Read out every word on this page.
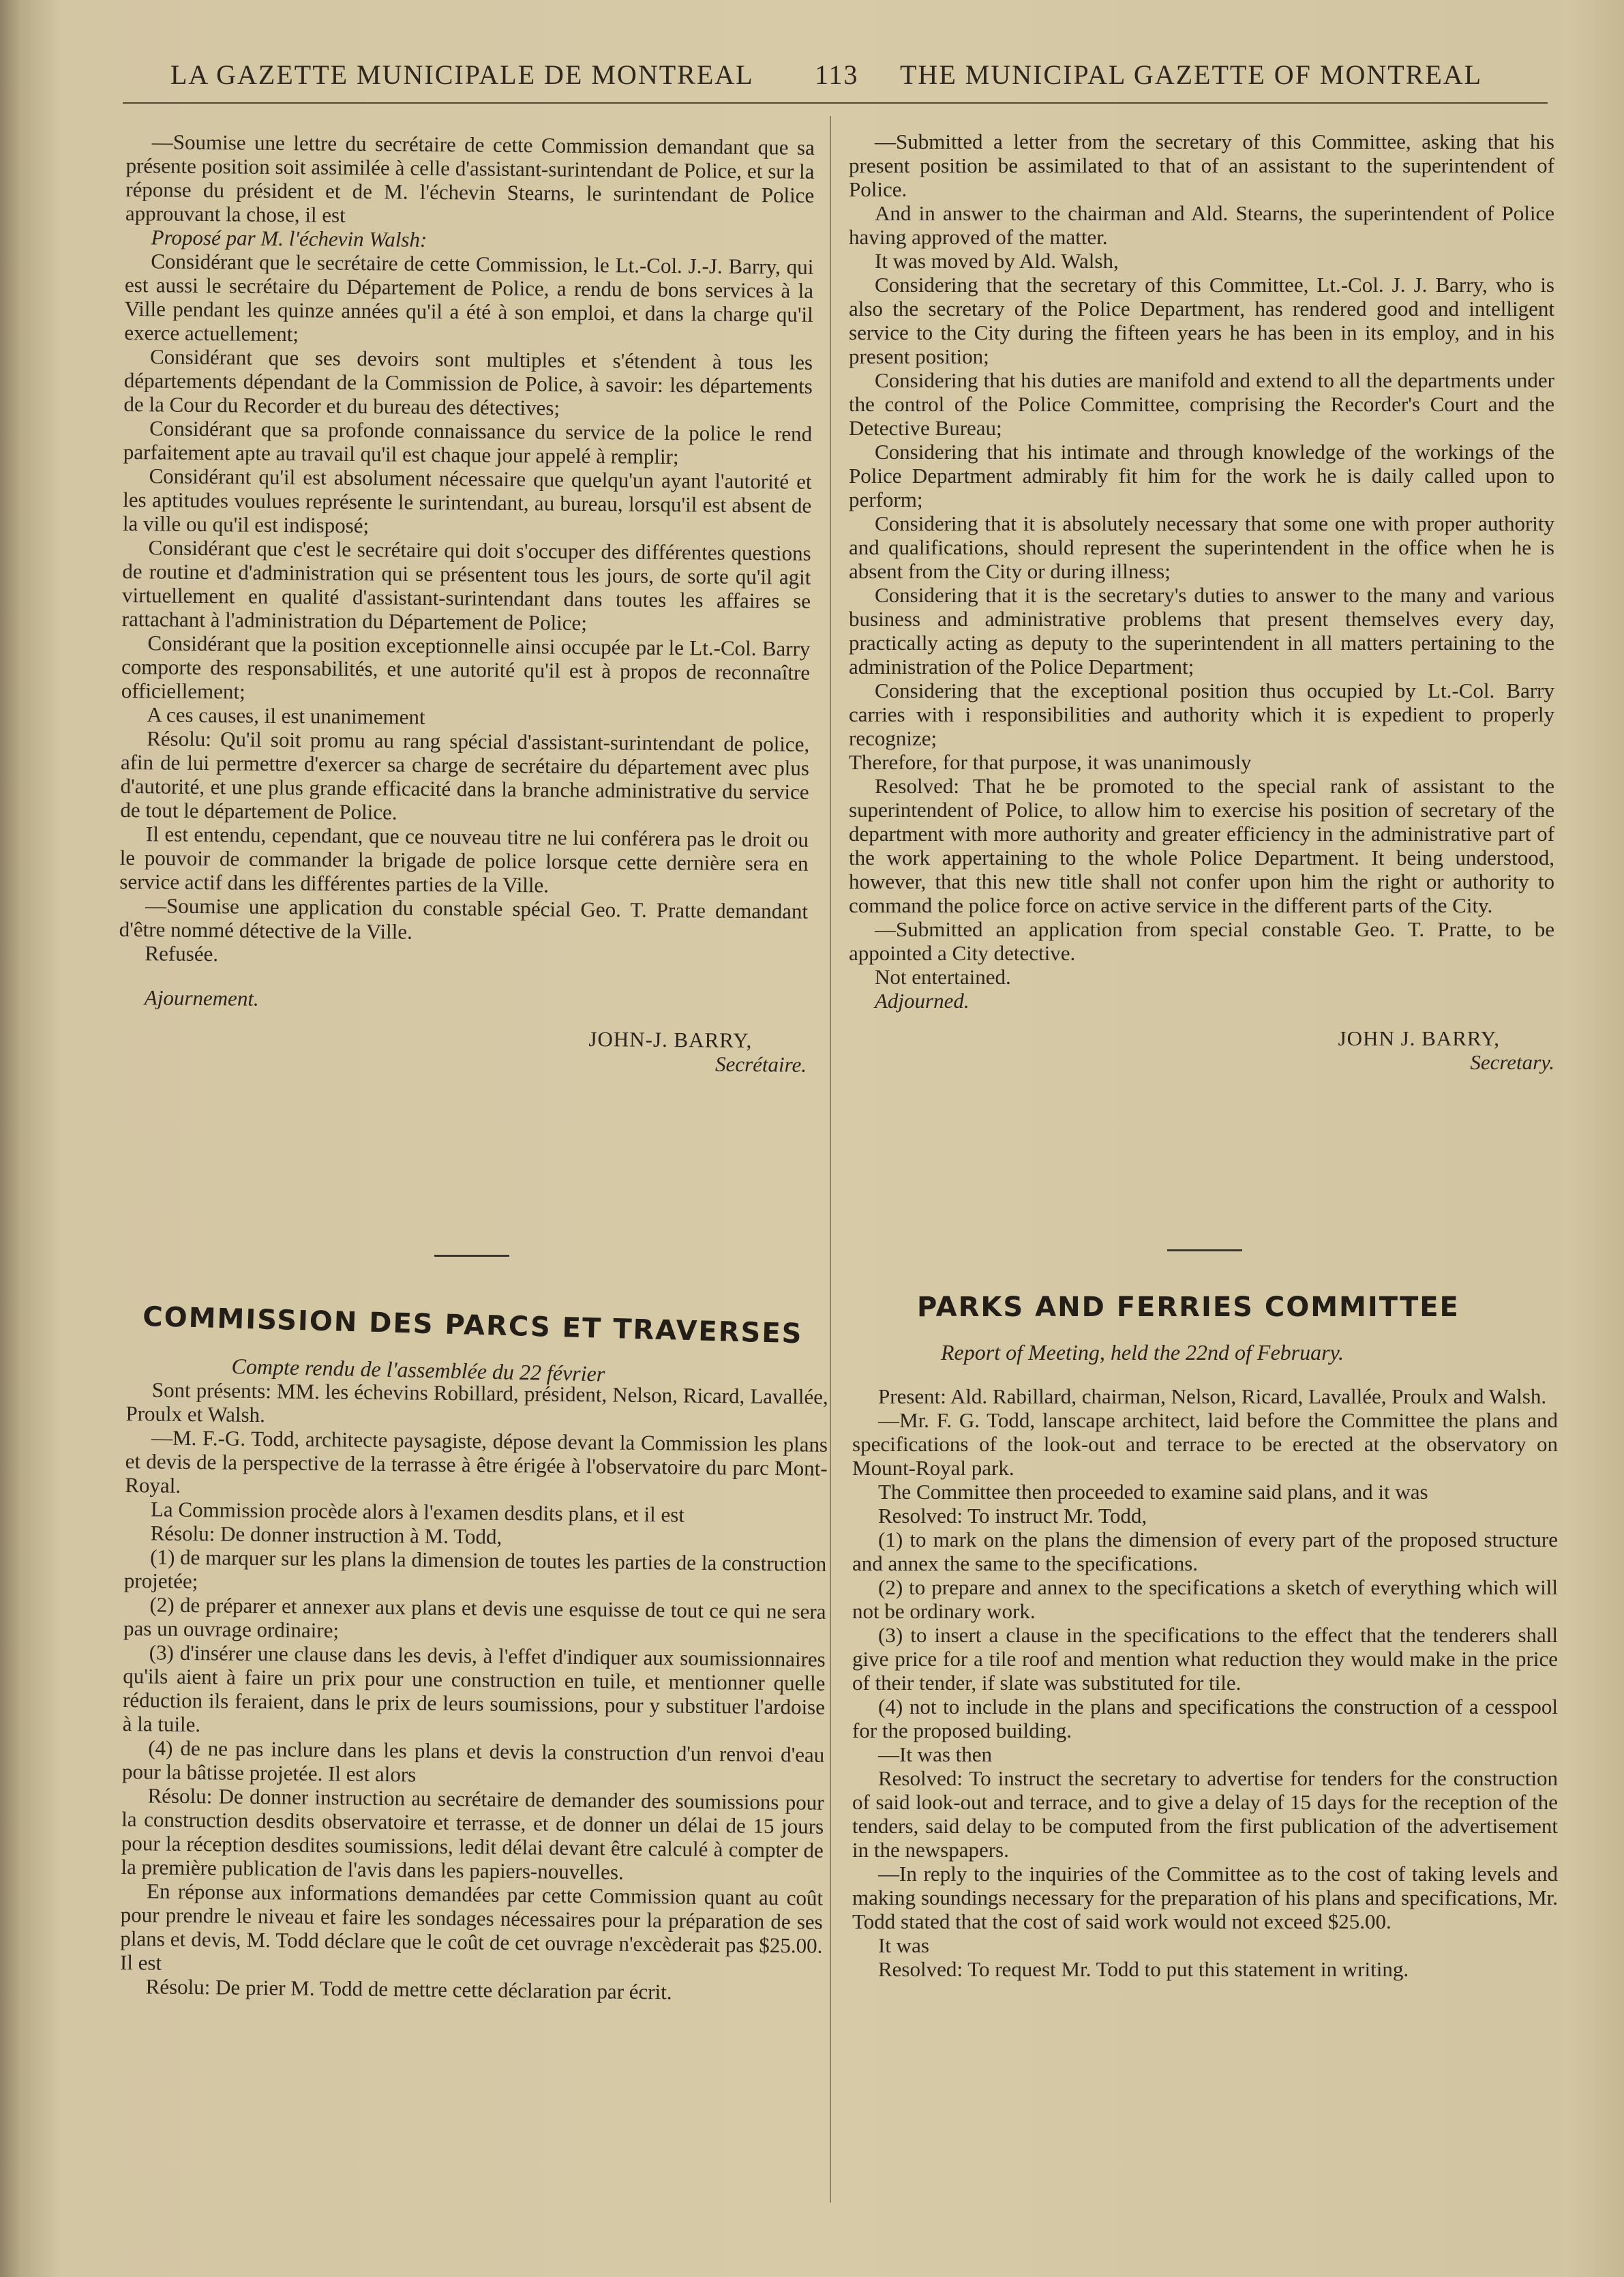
LA GAZETTE MUNICIPALE DE MONTREAL 113 THE MUNICIPAL GAZETTE OF MONTREAL

—Soumise une lettre du secrétaire de cette Commission demandant que sa présente position soit assimilée à celle d'assistant-surintendant de Police, et sur la réponse du président et de M. l'échevin Stearns, le surintendant de Police approuvant la chose, il est

Proposé par M. l'échevin Walsh:

Considérant que le secrétaire de cette Commission, le Lt.-Col. J.-J. Barry, qui est aussi le secrétaire du Département de Police, a rendu de bons services à la Ville pendant les quinze années qu'il a été à son emploi, et dans la charge qu'il exerce actuellement;

Considérant que ses devoirs sont multiples et s'étendent à tous les départements dépendant de la Commission de Police, à savoir: les départements de la Cour du Recorder et du bureau des détectives;

Considérant que sa profonde connaissance du service de la police le rend parfaitement apte au travail qu'il est chaque jour appelé à remplir;

Considérant qu'il est absolument nécessaire que quelqu'un ayant l'autorité et les aptitudes voulues représente le surintendant, au bureau, lorsqu'il est absent de la ville ou qu'il est indisposé;

Considérant que c'est le secrétaire qui doit s'occuper des différentes questions de routine et d'administration qui se présentent tous les jours, de sorte qu'il agit virtuellement en qualité d'assistant-surintendant dans toutes les affaires se rattachant à l'administration du Département de Police;

Considérant que la position exceptionnelle ainsi occupée par le Lt.-Col. Barry comporte des responsabilités, et une autorité qu'il est à propos de reconnaître officiellement;

A ces causes, il est unanimement

Résolu: Qu'il soit promu au rang spécial d'assistant-surintendant de police, afin de lui permettre d'exercer sa charge de secrétaire du département avec plus d'autorité, et une plus grande efficacité dans la branche administrative du service de tout le département de Police.

Il est entendu, cependant, que ce nouveau titre ne lui conférera pas le droit ou le pouvoir de commander la brigade de police lorsque cette dernière sera en service actif dans les différentes parties de la Ville.

—Soumise une application du constable spécial Geo. T. Pratte demandant d'être nommé détective de la Ville.

Refusée.

Ajournement.

JOHN-J. BARRY,
Secrétaire.

—Submitted a letter from the secretary of this Committee, asking that his present position be assimilated to that of an assistant to the superintendent of Police.

And in answer to the chairman and Ald. Stearns, the superintendent of Police having approved of the matter.

It was moved by Ald. Walsh,

Considering that the secretary of this Committee, Lt.-Col. J. J. Barry, who is also the secretary of the Police Department, has rendered good and intelligent service to the City during the fifteen years he has been in its employ, and in his present position;

Considering that his duties are manifold and extend to all the departments under the control of the Police Committee, comprising the Recorder's Court and the Detective Bureau;

Considering that his intimate and through knowledge of the workings of the Police Department admirably fit him for the work he is daily called upon to perform;

Considering that it is absolutely necessary that some one with proper authority and qualifications, should represent the superintendent in the office when he is absent from the City or during illness;

Considering that it is the secretary's duties to answer to the many and various business and administrative problems that present themselves every day, practically acting as deputy to the superintendent in all matters pertaining to the administration of the Police Department;

Considering that the exceptional position thus occupied by Lt.-Col. Barry carries with i responsibilities and authority which it is expedient to properly recognize;

Therefore, for that purpose, it was unanimously

Resolved: That he be promoted to the special rank of assistant to the superintendent of Police, to allow him to exercise his position of secretary of the department with more authority and greater efficiency in the administrative part of the work appertaining to the whole Police Department. It being understood, however, that this new title shall not confer upon him the right or authority to command the police force on active service in the different parts of the City.

—Submitted an application from special constable Geo. T. Pratte, to be appointed a City detective.

Not entertained.

Adjourned.

JOHN J. BARRY,
Secretary.
COMMISSION DES PARCS ET TRAVERSES
Compte rendu de l'assemblée du 22 février
PARKS AND FERRIES COMMITTEE
Report of Meeting, held the 22nd of February.

Sont présents: MM. les échevins Robillard, président, Nelson, Ricard, Lavallée, Proulx et Walsh.

—M. F.-G. Todd, architecte paysagiste, dépose devant la Commission les plans et devis de la perspective de la terrasse à être érigée à l'observatoire du parc Mont-Royal.

La Commission procède alors à l'examen desdits plans, et il est

Résolu: De donner instruction à M. Todd,

(1) de marquer sur les plans la dimension de toutes les parties de la construction projetée;

(2) de préparer et annexer aux plans et devis une esquisse de tout ce qui ne sera pas un ouvrage ordinaire;

(3) d'insérer une clause dans les devis, à l'effet d'indiquer aux soumissionnaires qu'ils aient à faire un prix pour une construction en tuile, et mentionner quelle réduction ils feraient, dans le prix de leurs soumissions, pour y substituer l'ardoise à la tuile.

(4) de ne pas inclure dans les plans et devis la construction d'un renvoi d'eau pour la bâtisse projetée. Il est alors

Résolu: De donner instruction au secrétaire de demander des soumissions pour la construction desdits observatoire et terrasse, et de donner un délai de 15 jours pour la réception desdites soumissions, ledit délai devant être calculé à compter de la première publication de l'avis dans les papiers-nouvelles.

En réponse aux informations demandées par cette Commission quant au coût pour prendre le niveau et faire les sondages nécessaires pour la préparation de ses plans et devis, M. Todd déclare que le coût de cet ouvrage n'excèderait pas $25.00. Il est

Résolu: De prier M. Todd de mettre cette déclaration par écrit.

Present: Ald. Rabillard, chairman, Nelson, Ricard, Lavallée, Proulx and Walsh.

—Mr. F. G. Todd, lanscape architect, laid before the Committee the plans and specifications of the look-out and terrace to be erected at the observatory on Mount-Royal park.

The Committee then proceeded to examine said plans, and it was

Resolved: To instruct Mr. Todd,

(1) to mark on the plans the dimension of every part of the proposed structure and annex the same to the specifications.

(2) to prepare and annex to the specifications a sketch of everything which will not be ordinary work.

(3) to insert a clause in the specifications to the effect that the tenderers shall give price for a tile roof and mention what reduction they would make in the price of their tender, if slate was substituted for tile.

(4) not to include in the plans and specifications the construction of a cesspool for the proposed building.

—It was then

Resolved: To instruct the secretary to advertise for tenders for the construction of said look-out and terrace, and to give a delay of 15 days for the reception of the tenders, said delay to be computed from the first publication of the advertisement in the newspapers.

—In reply to the inquiries of the Committee as to the cost of taking levels and making soundings necessary for the preparation of his plans and specifications, Mr. Todd stated that the cost of said work would not exceed $25.00.

It was

Resolved: To request Mr. Todd to put this statement in writing.
